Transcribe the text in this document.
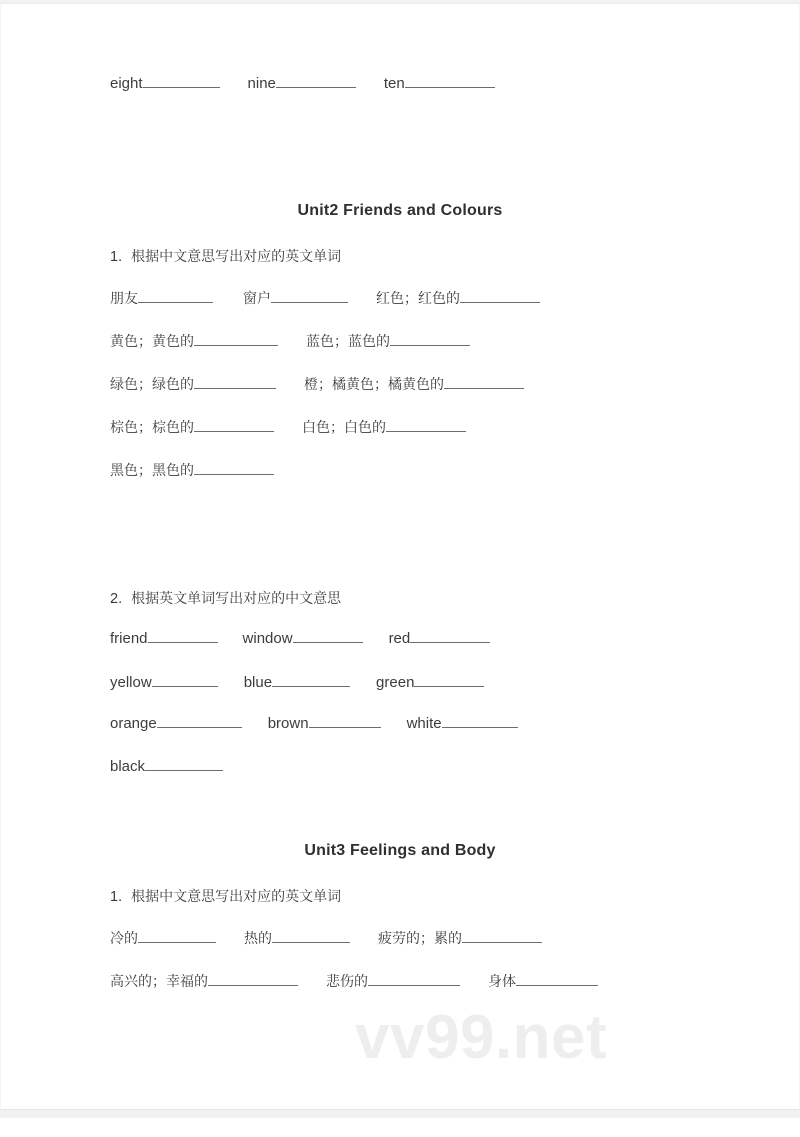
eight	nine	ten
Unit2 Friends and Colours
1. 根据中文意思写出对应的英文单词
朋友	窗户	红色；红色的
黄色；黄色的	蓝色；蓝色的
绿色；绿色的	橙；橘黄色；橘黄色的
棕色；棕色的	白色；白色的
黑色；黑色的
2. 根据英文单词写出对应的中文意思
friend	window	red
yellow	blue	green
orange	brown	white
black
Unit3 Feelings and Body
1. 根据中文意思写出对应的英文单词
冷的	热的	疲劳的；累的
高兴的；幸福的	悲伤的	身体
vv99.net
